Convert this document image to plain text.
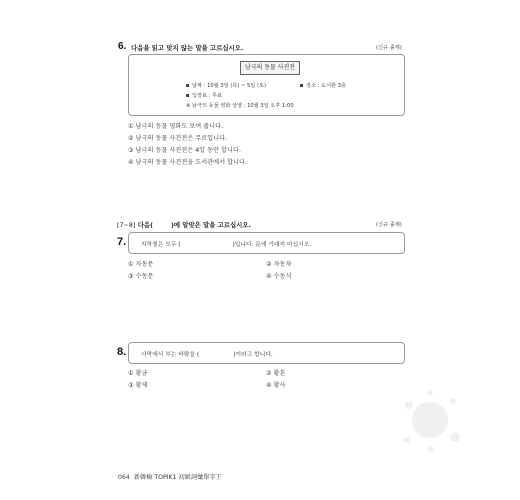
6. 다음을 읽고 맞지 않는 말을 고르십시오.	(신규 출제)
남극의 동물 사진전
날짜 : 10월 3일 (목) ~ 5일 (토)	장소 : 도서관 3층
입장료 : 무료
※ 남극의 동물 영화 상영 : 10월 3일 오후 1:00
① 남극의 동물 영화도 보여 줍니다.
② 남극의 동물 사진전은 무료입니다.
③ 남극의 동물 사진전은 4일 동안 합니다.
④ 남극의 동물 사진전을 도서관에서 합니다.
[7~8] 다음(	)에 알맞은 말을 고르십시오.	(신규 출제)
7.	지하철은 모두 (	)입니다. 문에 기대지 마십시오.
① 자동문	② 자동차
③ 수동문	④ 수동식
8.	사막에서 부는 바람을 (	)이라고 합니다.
① 황금	② 황혼
③ 황제	④ 황사
064 新韓檢 TOPIK1 初級詞彙單字王
